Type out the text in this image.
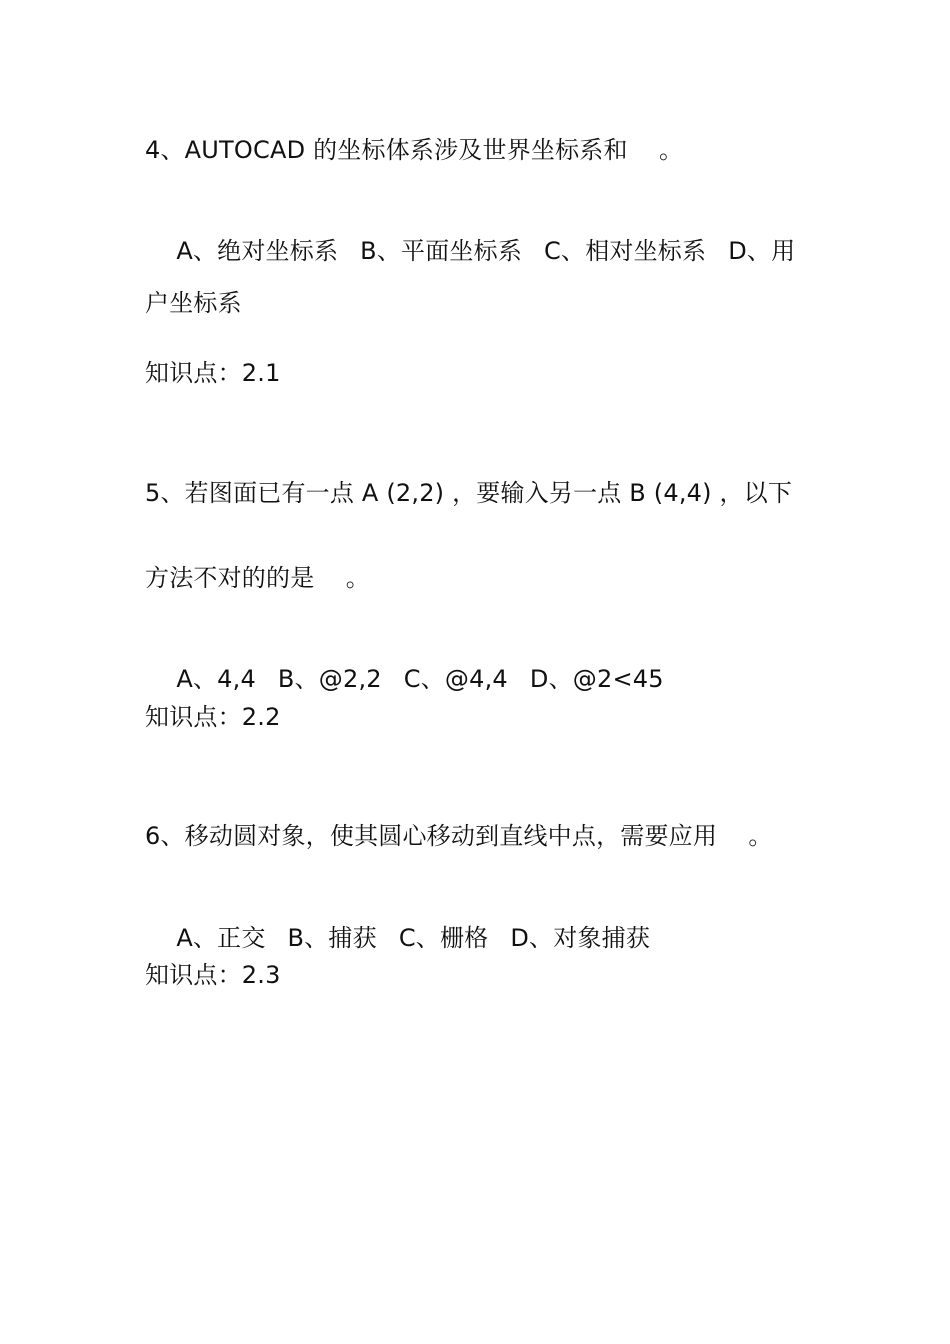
4、AUTOCAD 的坐标体系涉及世界坐标系和    。

A、绝对坐标系 B、平面坐标系 C、相对坐标系 D、用

户坐标系
知识点：2.1
5、若图面已有一点 A (2,2) ，要输入另一点 B (4,4) ，以下
方法不对的的是    。

A、4,4 B、@2,2 C、@4,4 D、@2<45

知识点：2.2
6、移动圆对象，使其圆心移动到直线中点，需要应用    。

A、正交 B、捕获 C、栅格 D、对象捕获

知识点：2.3
